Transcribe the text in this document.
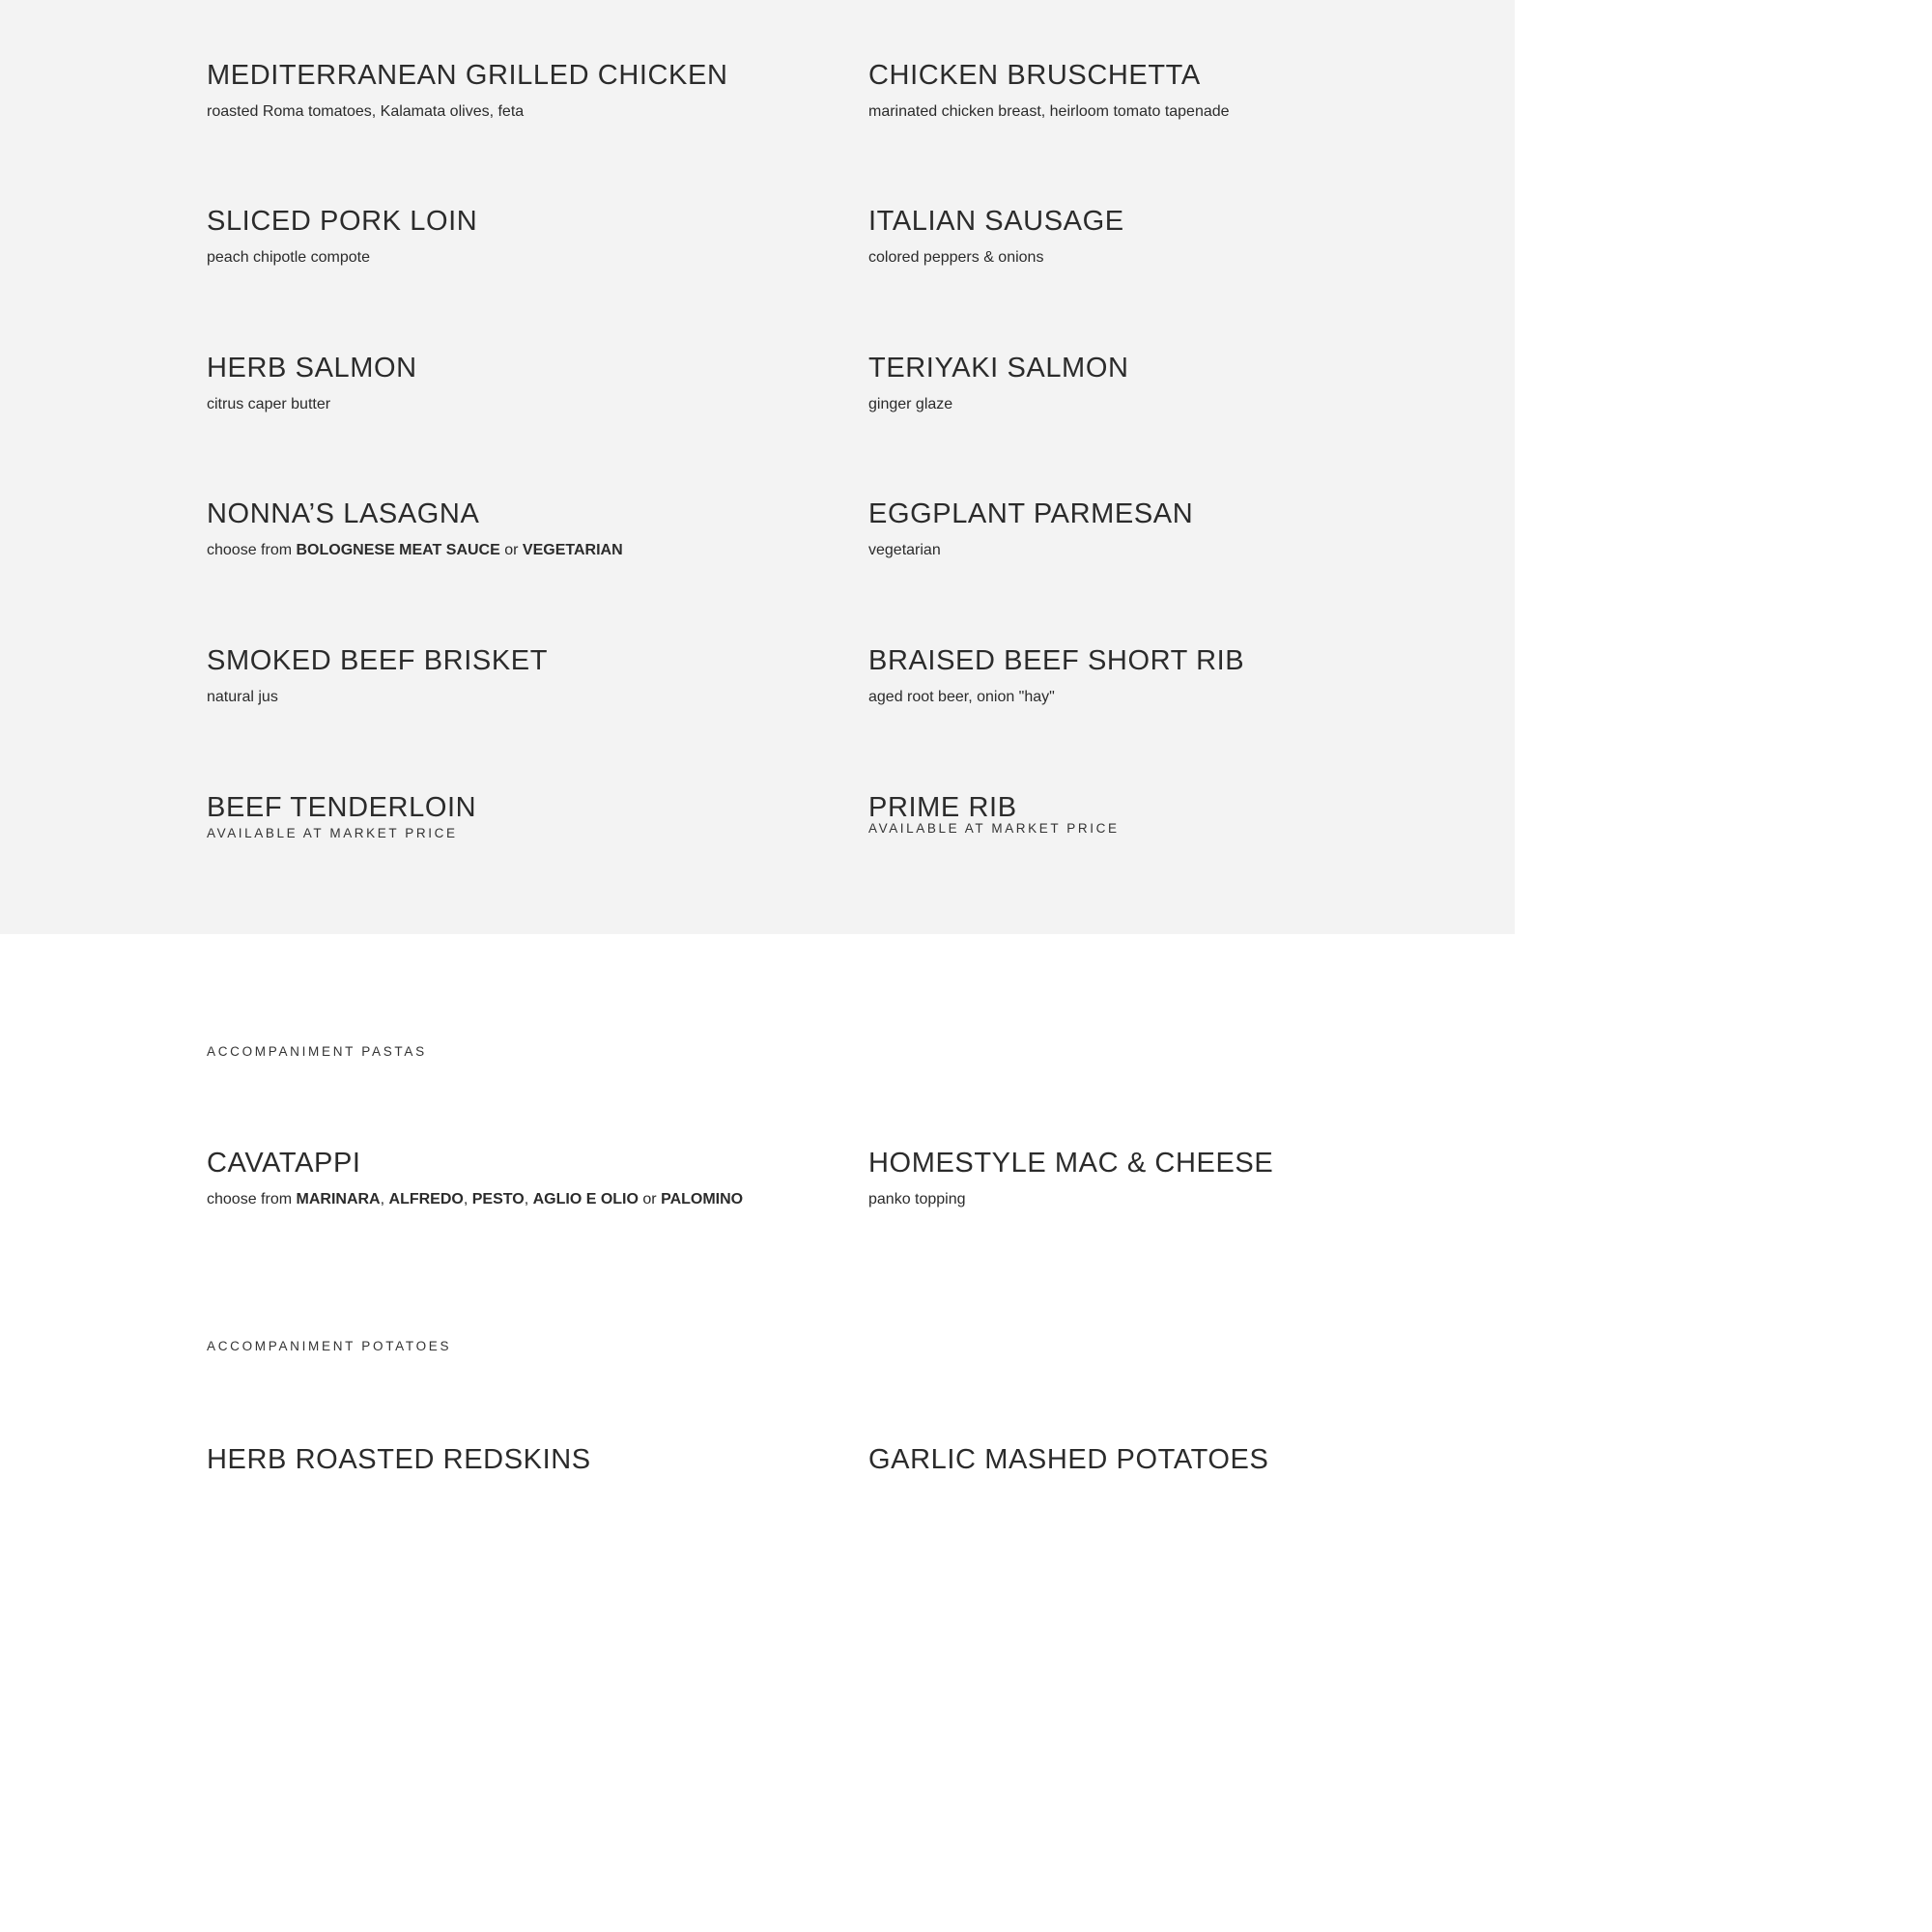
MEDITERRANEAN GRILLED CHICKEN
roasted Roma tomatoes, Kalamata olives, feta
CHICKEN BRUSCHETTA
marinated chicken breast, heirloom tomato tapenade
SLICED PORK LOIN
peach chipotle compote
ITALIAN SAUSAGE
colored peppers & onions
HERB SALMON
citrus caper butter
TERIYAKI SALMON
ginger glaze
NONNA’S LASAGNA
choose from BOLOGNESE MEAT SAUCE or VEGETARIAN
EGGPLANT PARMESAN
vegetarian
SMOKED BEEF BRISKET
natural jus
BRAISED BEEF SHORT RIB
aged root beer, onion "hay"
BEEF TENDERLOIN
AVAILABLE AT MARKET PRICE
PRIME RIB
AVAILABLE AT MARKET PRICE
ACCOMPANIMENT PASTAS
CAVATAPPI
choose from MARINARA, ALFREDO, PESTO, AGLIO E OLIO or PALOMINO
HOMESTYLE MAC & CHEESE
panko topping
ACCOMPANIMENT POTATOES
HERB ROASTED REDSKINS	GARLIC MASHED POTATOES
